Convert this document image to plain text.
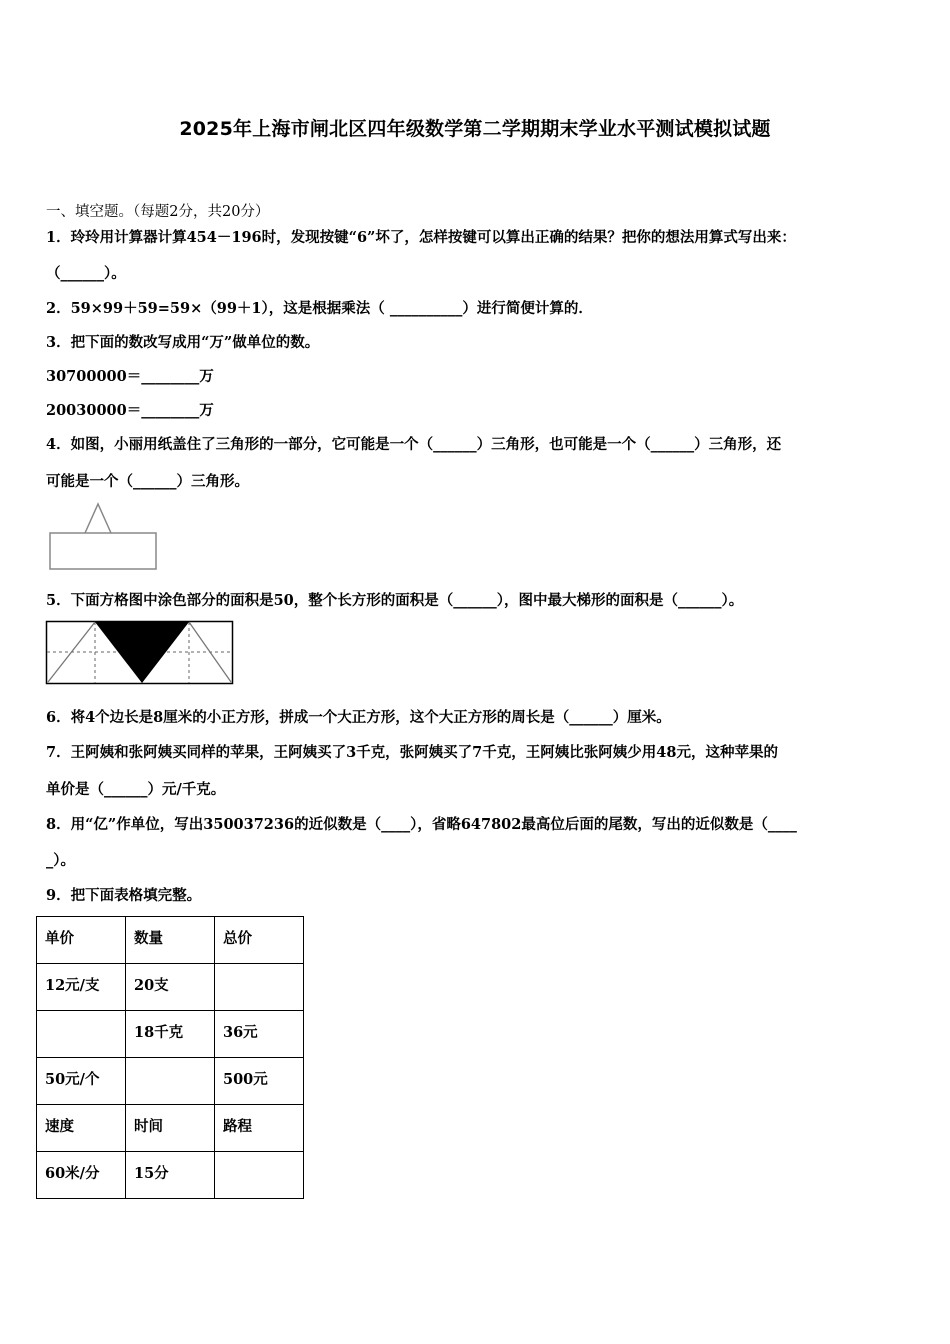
2025年上海市闸北区四年级数学第二学期期末学业水平测试模拟试题
一、填空题。（每题2分，共20分）
1．玲玲用计算器计算454－196时，发现按键“6”坏了，怎样按键可以算出正确的结果？把你的想法用算式写出来：
（______）。
2．59×99＋59=59×（99＋1），这是根据乘法（ __________）进行简便计算的．
3．把下面的数改写成用“万”做单位的数。
30700000＝________万
20030000＝________万
4．如图，小丽用纸盖住了三角形的一部分，它可能是一个（______）三角形，也可能是一个（______）三角形，还
可能是一个（______）三角形。
5．下面方格图中涂色部分的面积是50，整个长方形的面积是（______），图中最大梯形的面积是（______）。
6．将4个边长是8厘米的小正方形，拼成一个大正方形，这个大正方形的周长是（______）厘米。
7．王阿姨和张阿姨买同样的苹果，王阿姨买了3千克，张阿姨买了7千克，王阿姨比张阿姨少用48元，这种苹果的
单价是（______）元/千克。
8．用“亿”作单位，写出350037236的近似数是（____），省略647802最高位后面的尾数，写出的近似数是（____
_）。
9．把下面表格填完整。
单价	数量	总价
12元/支	20支	
	18千克	36元
50元/个		500元
速度	时间	路程
60米/分	15分	
